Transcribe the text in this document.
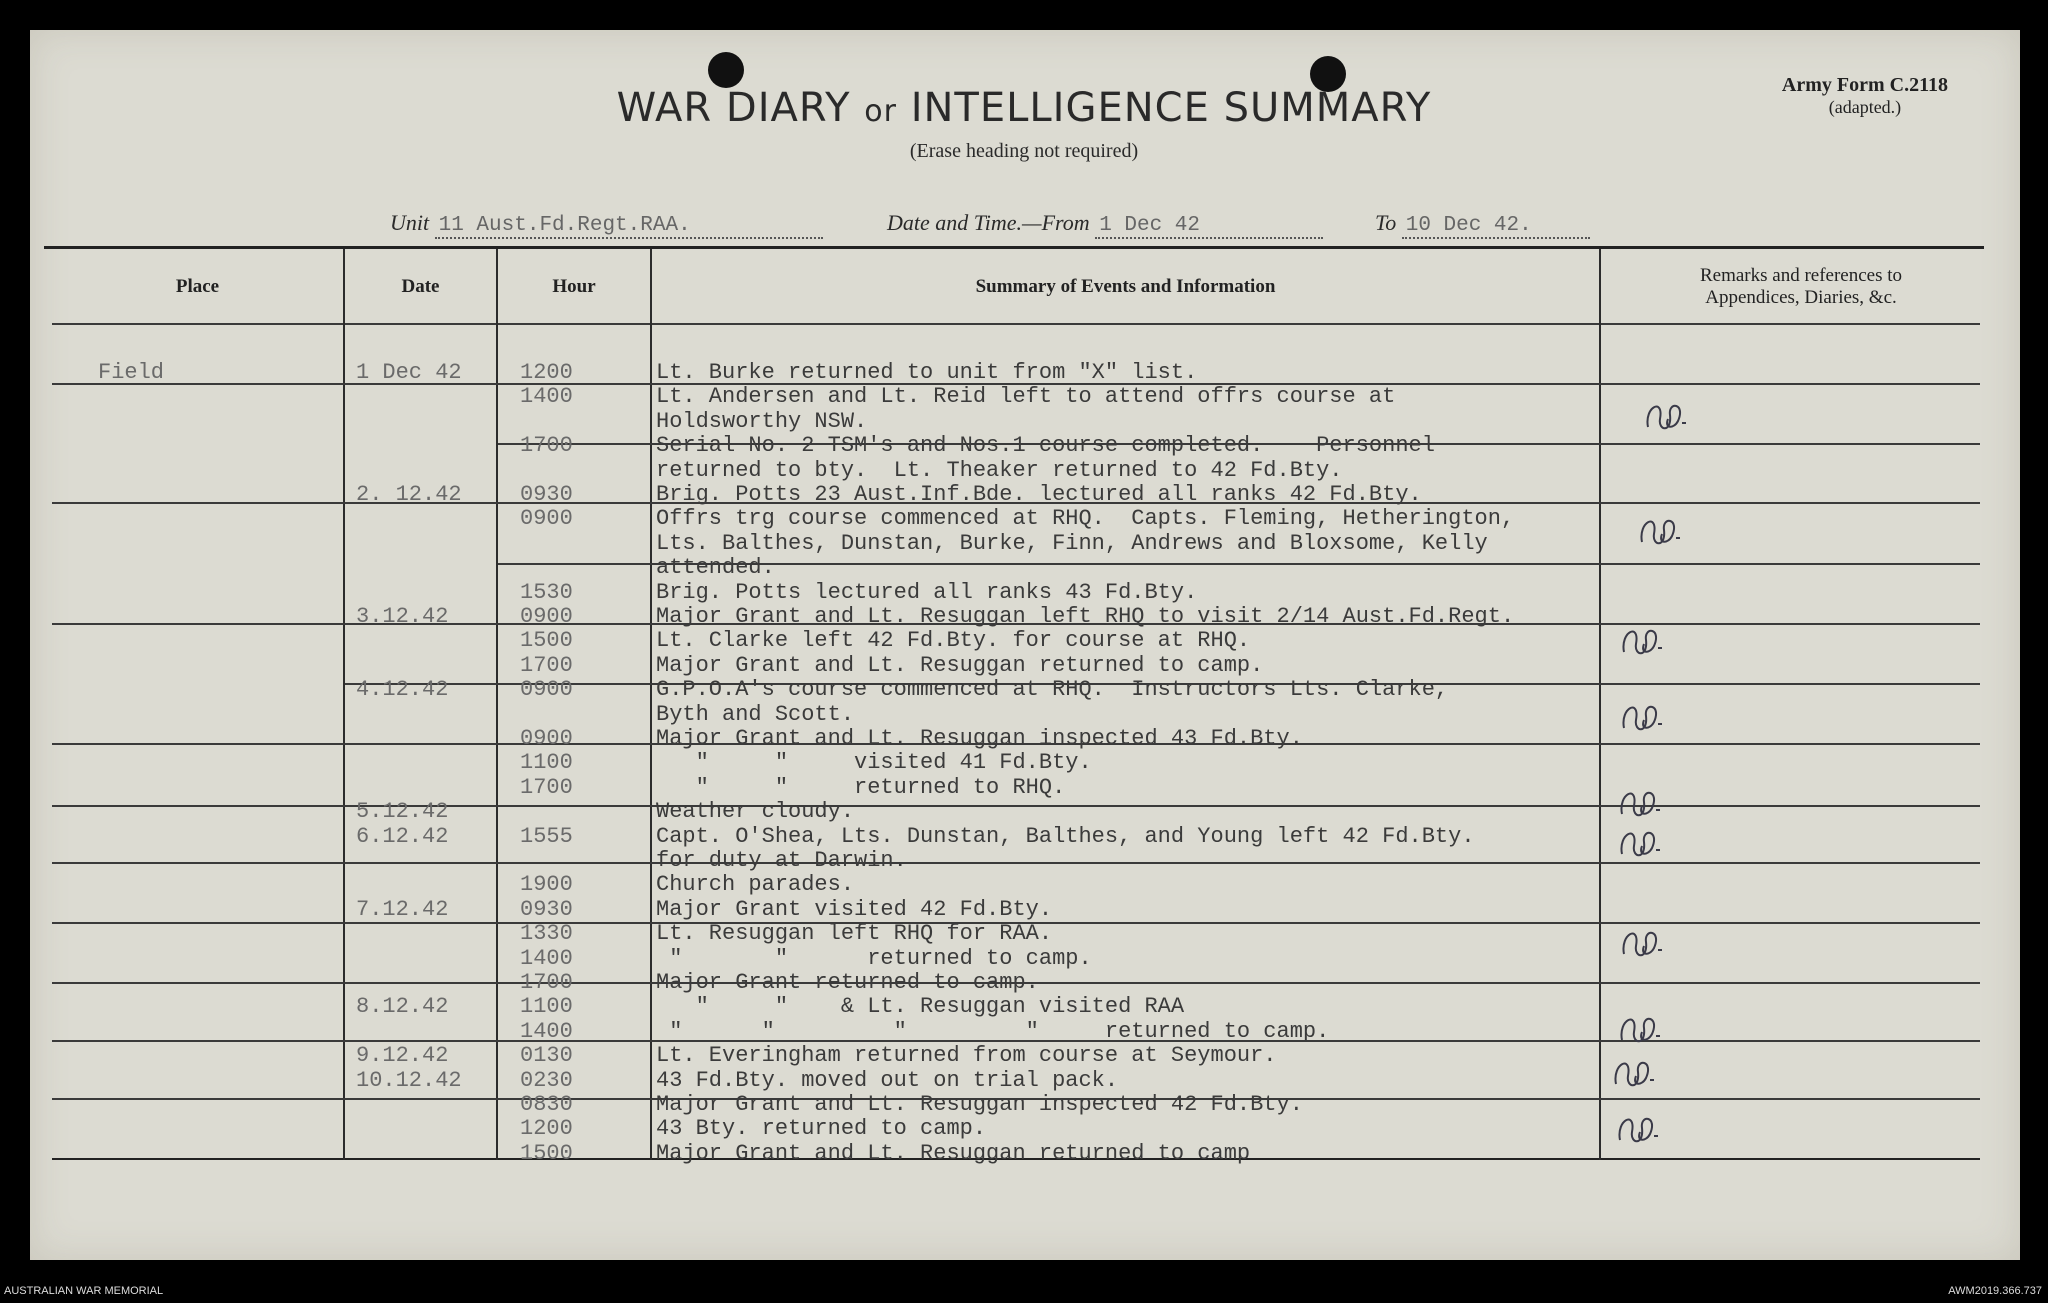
WAR DIARY or INTELLIGENCE SUMMARY
(Erase heading not required)
Army Form C.2118
(adapted.)
Unit 11 Aust.Fd.Regt.RAA.	Date and Time.—From 1 Dec 42	To 10 Dec 42.
Place	Date	Hour	Summary of Events and Information
Remarks and references to
Appendices, Diaries, &c.
Field	1 Dec 42	1200	Lt. Burke returned to unit from "X" list.
1400	Lt. Andersen and Lt. Reid left to attend offrs course at
Holdsworthy NSW.
1700	Serial No. 2 TSM's and Nos.1 course completed.    Personnel
returned to bty.  Lt. Theaker returned to 42 Fd.Bty.
2. 12.42	0930	Brig. Potts 23 Aust.Inf.Bde. lectured all ranks 42 Fd.Bty.
0900	Offrs trg course commenced at RHQ.  Capts. Fleming, Hetherington,
Lts. Balthes, Dunstan, Burke, Finn, Andrews and Bloxsome, Kelly
attended.
1530	Brig. Potts lectured all ranks 43 Fd.Bty.
3.12.42	0900	Major Grant and Lt. Resuggan left RHQ to visit 2/14 Aust.Fd.Regt.
1500	Lt. Clarke left 42 Fd.Bty. for course at RHQ.
1700	Major Grant and Lt. Resuggan returned to camp.
4.12.42	0900	G.P.O.A's course commenced at RHQ.  Instructors Lts. Clarke,
Byth and Scott.
0900	Major Grant and Lt. Resuggan inspected 43 Fd.Bty.
1100	"     "     visited 41 Fd.Bty.
1700	"     "     returned to RHQ.
5.12.42	Weather cloudy.
6.12.42	1555	Capt. O'Shea, Lts. Dunstan, Balthes, and Young left 42 Fd.Bty.
for duty at Darwin.
1900	Church parades.
7.12.42	0930	Major Grant visited 42 Fd.Bty.
1330	Lt. Resuggan left RHQ for RAA.
1400	"       "      returned to camp.
1700	Major Grant returned to camp.
8.12.42	1100	"     "    & Lt. Resuggan visited RAA
1400	"      "         "         "     returned to camp.
9.12.42	0130	Lt. Everingham returned from course at Seymour.
10.12.42	0230	43 Fd.Bty. moved out on trial pack.
0830	Major Grant and Lt. Resuggan inspected 42 Fd.Bty.
1200	43 Bty. returned to camp.
1500	Major Grant and Lt. Resuggan returned to camp
AUSTRALIAN WAR MEMORIAL	AWM2019.366.737
